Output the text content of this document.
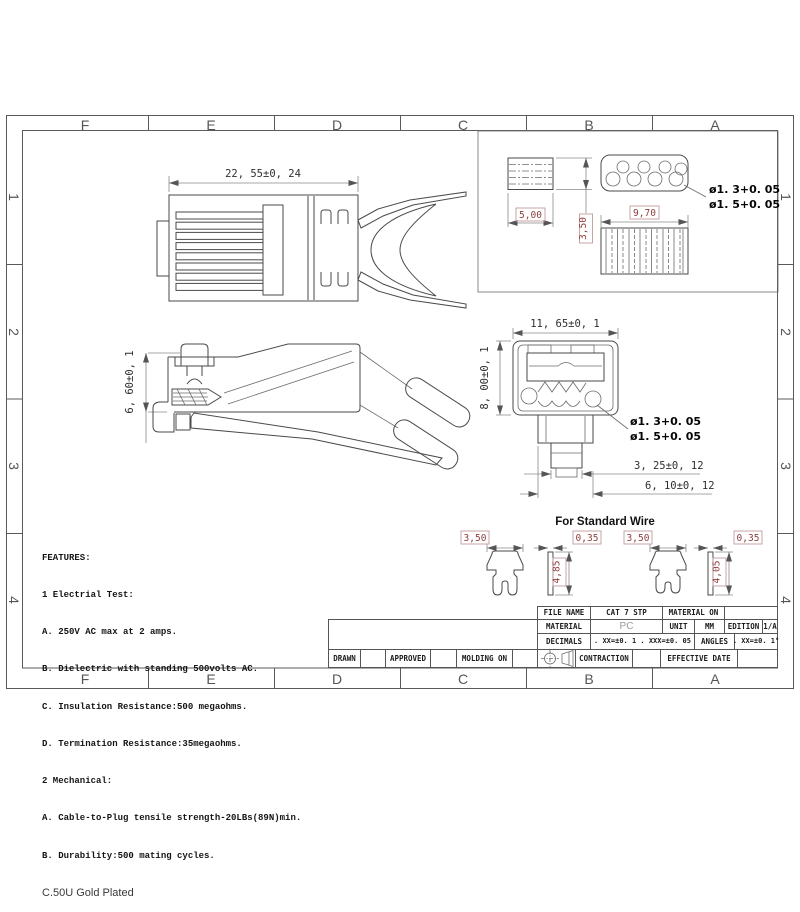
22, 55±0, 24
5,00
3,50
ø1. 3+0. 05
ø1. 5+0. 05
9,70
6, 60±0, 1
11, 65±0, 1
8, 00±0, 1
ø1. 3+0. 05
ø1. 5+0. 05
3, 25±0, 12
6, 10±0, 12
For Standard Wire
3,50	0,35
4,85
3,50	0,35
4,05
F	E	D	C	B	A
F	E	D	C	B	A
1
2
3
4
1
2
3
4

FEATURES:

1 Electrial Test:

A. 250V AC max at 2 amps.

B. Dielectric with standing 500volts AC.

C. Insulation Resistance:500 megaohms.

D. Termination Resistance:35megaohms.

2 Mechanical:

A. Cable-to-Plug tensile strength-20LBs(89N)min.

B. Durability:500 mating cycles.

C.50U Gold Plated

FILE NAME	CAT 7 STP	MATERIAL ON
MATERIAL	PC	UNIT	MM	EDITION 1/A
DECIMALS	. XX=±0. 1 . XXX=±0. 05	ANGLES . XX=±0. 1°
DRAWN	APPROVED	MOLDING ON	CONTRACTION	EFFECTIVE DATE
